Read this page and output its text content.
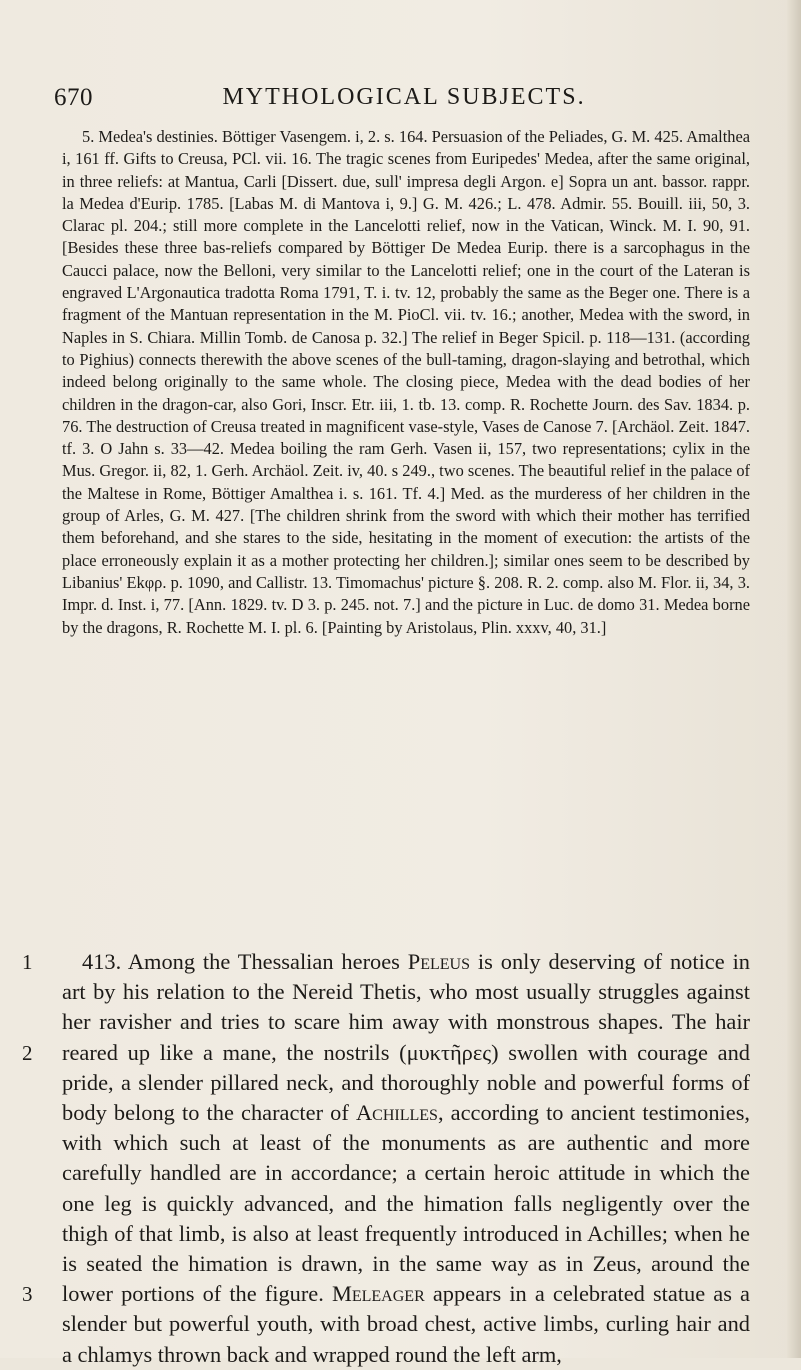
670	MYTHOLOGICAL SUBJECTS.

5. Medea's destinies. Böttiger Vasengem. i, 2. s. 164. Persuasion of the Peliades, G. M. 425. Amalthea i, 161 ff. Gifts to Creusa, PCl. vii. 16. The tragic scenes from Euripedes' Medea, after the same original, in three reliefs: at Mantua, Carli [Dissert. due, sull' impresa degli Argon. e] Sopra un ant. bassor. rappr. la Medea d'Eurip. 1785. [Labas M. di Mantova i, 9.] G. M. 426.; L. 478. Admir. 55. Bouill. iii, 50, 3. Clarac pl. 204.; still more complete in the Lancelotti relief, now in the Vatican, Winck. M. I. 90, 91. [Besides these three bas-reliefs compared by Böttiger De Medea Eurip. there is a sarcophagus in the Caucci palace, now the Belloni, very similar to the Lancelotti relief; one in the court of the Lateran is engraved L'Argonautica tradotta Roma 1791, T. i. tv. 12, probably the same as the Beger one. There is a fragment of the Mantuan representation in the M. PioCl. vii. tv. 16.; another, Medea with the sword, in Naples in S. Chiara. Millin Tomb. de Canosa p. 32.] The relief in Beger Spicil. p. 118—131. (according to Pighius) connects therewith the above scenes of the bull-taming, dragon-slaying and betrothal, which indeed belong originally to the same whole. The closing piece, Medea with the dead bodies of her children in the dragon-car, also Gori, Inscr. Etr. iii, 1. tb. 13. comp. R. Rochette Journ. des Sav. 1834. p. 76. The destruction of Creusa treated in magnificent vase-style, Vases de Canose 7. [Archäol. Zeit. 1847. tf. 3. O Jahn s. 33—42. Medea boiling the ram Gerh. Vasen ii, 157, two representations; cylix in the Mus. Gregor. ii, 82, 1. Gerh. Archäol. Zeit. iv, 40. s 249., two scenes. The beautiful relief in the palace of the Maltese in Rome, Böttiger Amalthea i. s. 161. Tf. 4.] Med. as the murderess of her children in the group of Arles, G. M. 427. [The children shrink from the sword with which their mother has terrified them beforehand, and she stares to the side, hesitating in the moment of execution: the artists of the place erroneously explain it as a mother protecting her children.]; similar ones seem to be described by Libanius' Ekφρ. p. 1090, and Callistr. 13. Timomachus' picture §. 208. R. 2. comp. also M. Flor. ii, 34, 3. Impr. d. Inst. i, 77. [Ann. 1829. tv. D 3. p. 245. not. 7.] and the picture in Luc. de domo 31. Medea borne by the dragons, R. Rochette M. I. pl. 6. [Painting by Aristolaus, Plin. xxxv, 40, 31.]

1
2
3

413. Among the Thessalian heroes Peleus is only deserving of notice in art by his relation to the Nereid Thetis, who most usually struggles against her ravisher and tries to scare him away with monstrous shapes. The hair reared up like a mane, the nostrils (μυκτῆρες) swollen with courage and pride, a slender pillared neck, and thoroughly noble and powerful forms of body belong to the character of Achilles, according to ancient testimonies, with which such at least of the monuments as are authentic and more carefully handled are in accordance; a certain heroic attitude in which the one leg is quickly advanced, and the himation falls negligently over the thigh of that limb, is also at least frequently introduced in Achilles; when he is seated the himation is drawn, in the same way as in Zeus, around the lower portions of the figure. Meleager appears in a celebrated statue as a slender but powerful youth, with broad chest, active limbs, curling hair and a chlamys thrown back and wrapped round the left arm,
